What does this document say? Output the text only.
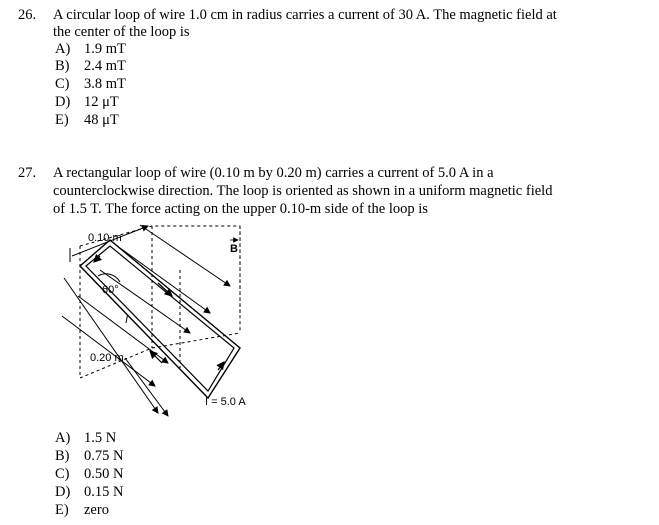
26. A circular loop of wire 1.0 cm in radius carries a current of 30 A. The magnetic field at
the center of the loop is
A) 1.9 mT
B) 2.4 mT
C) 3.8 mT
D) 12 μT
E) 48 μT
27. A rectangular loop of wire (0.10 m by 0.20 m) carries a current of 5.0 A in a
counterclockwise direction. The loop is oriented as shown in a uniform magnetic field
of 1.5 T. The force acting on the upper 0.10-m side of the loop is
0.10 m
60°
I
0.20 m
B
I = 5.0 A
A) 1.5 N
B) 0.75 N
C) 0.50 N
D) 0.15 N
E) zero
